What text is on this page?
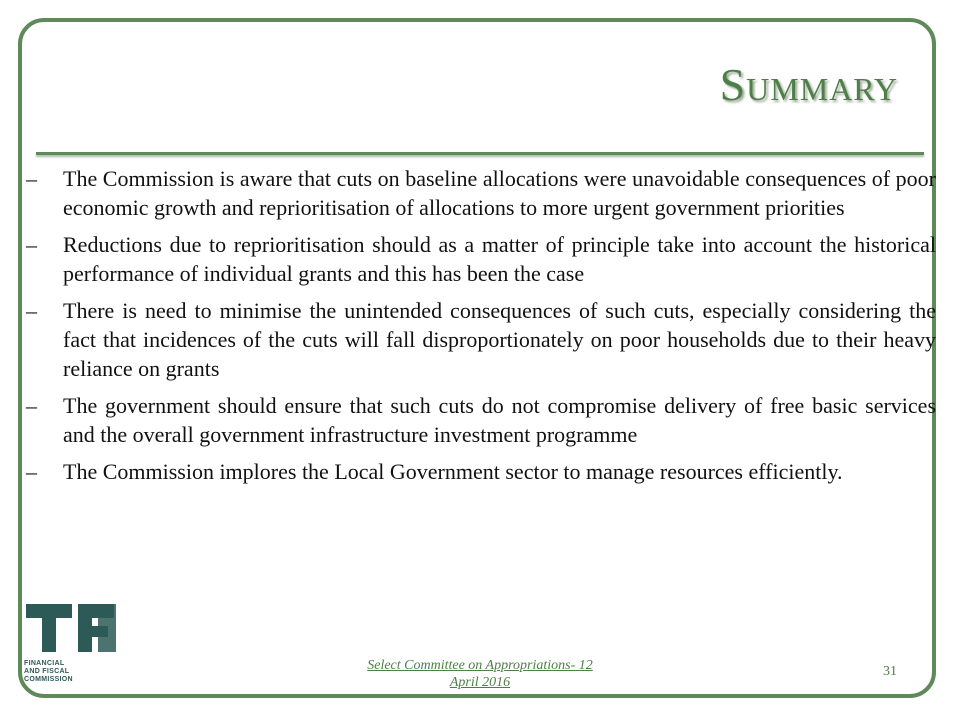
Summary
–	The Commission is aware that cuts on baseline allocations were unavoidable consequences of poor economic growth and reprioritisation of allocations to more urgent government priorities
–	Reductions due to reprioritisation should as a matter of principle take into account the historical performance of individual grants and this has been the case
–	There is need to minimise the unintended consequences of such cuts, especially considering the fact that incidences of the cuts will fall disproportionately on poor households due to their heavy reliance on grants
–	The government should ensure that such cuts do not compromise delivery of free basic services and the overall government infrastructure investment programme
–	The Commission implores the Local Government sector to manage resources efficiently.
FINANCIAL
AND FISCAL
COMMISSION
Select Committee on Appropriations- 12
April 2016
31
